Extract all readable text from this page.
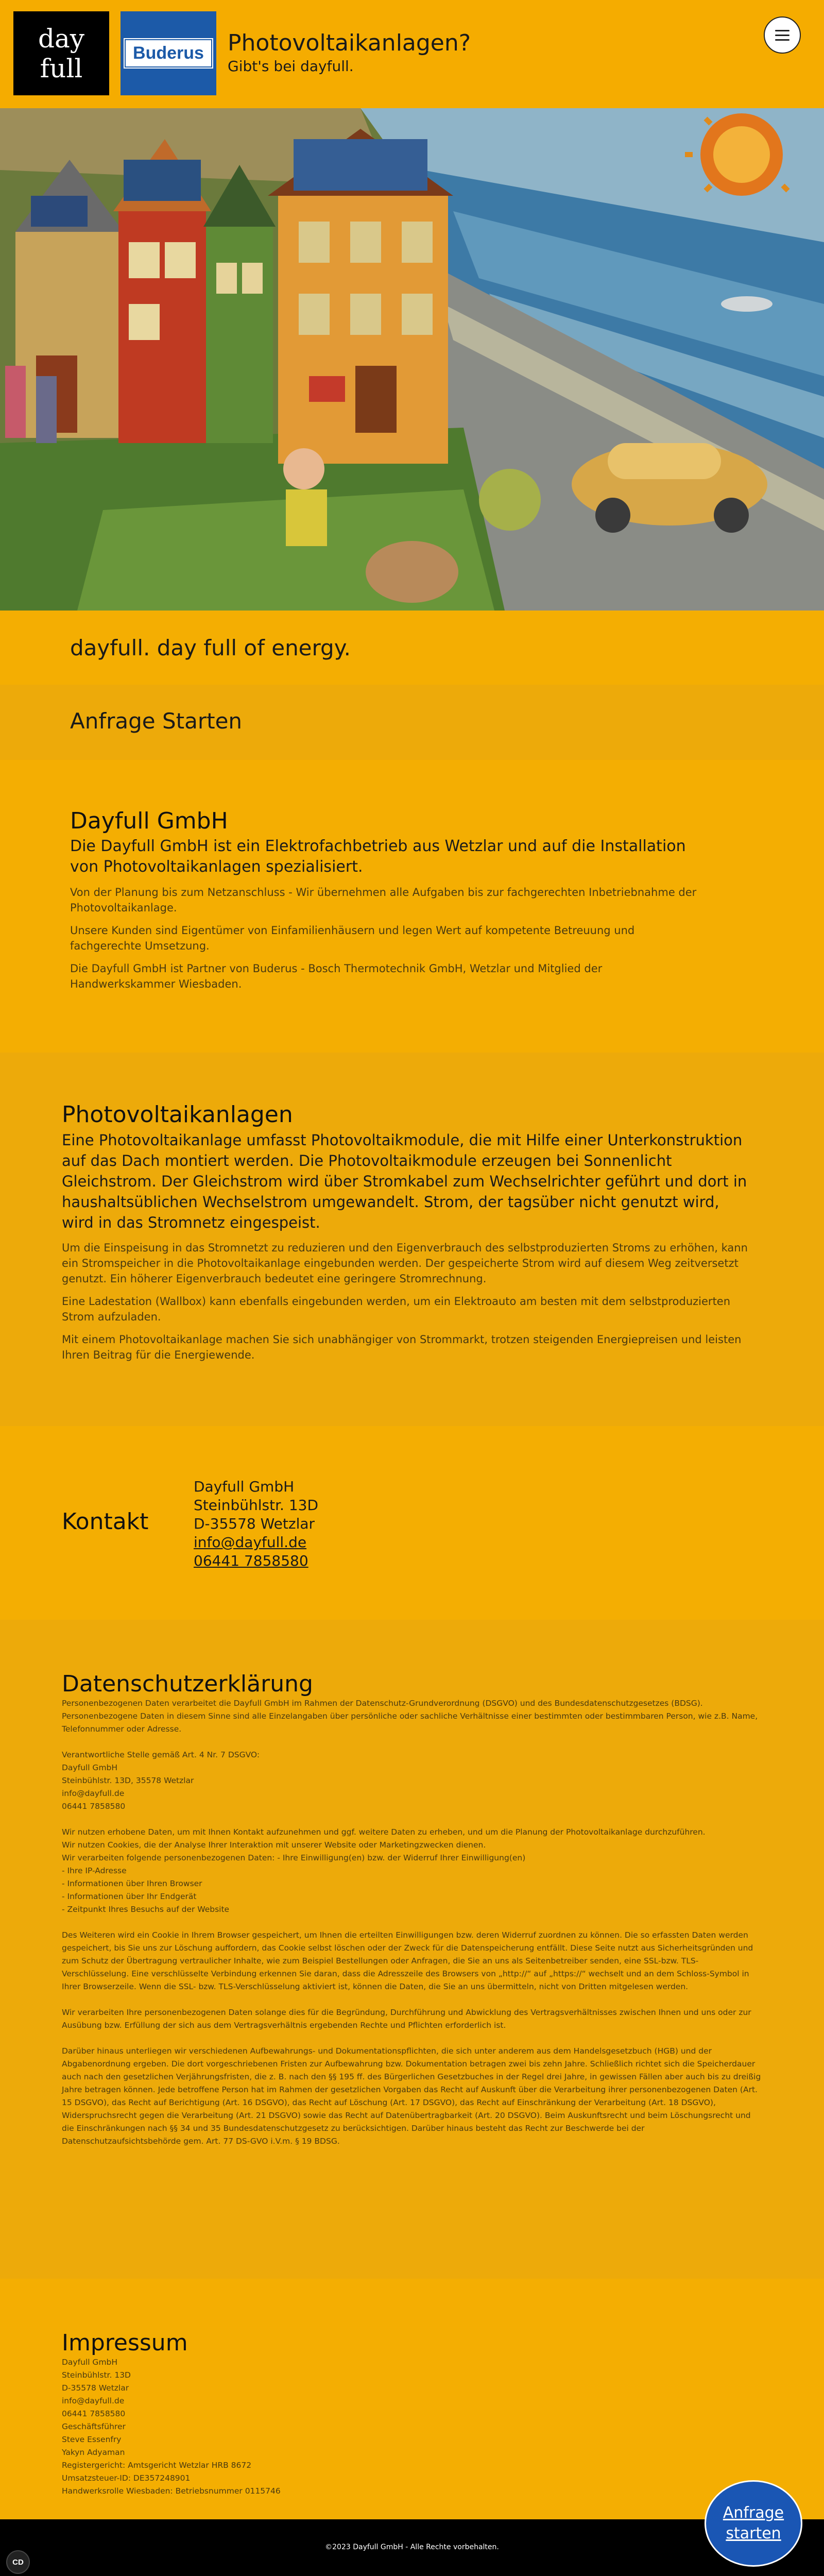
day
full
Buderus	Photovoltaikanlagen?
Gibt's bei dayfull.
dayfull. day full of energy.
Anfrage Starten
Dayfull GmbH
Die Dayfull GmbH ist ein Elektrofachbetrieb aus Wetzlar und auf die Installation von Photovoltaikanlagen spezialisiert.
Von der Planung bis zum Netzanschluss - Wir übernehmen alle Aufgaben bis zur fachgerechten Inbetriebnahme der Photovoltaikanlage.
Unsere Kunden sind Eigentümer von Einfamilienhäusern und legen Wert auf kompetente Betreuung und fachgerechte Umsetzung.
Die Dayfull GmbH ist Partner von Buderus - Bosch Thermotechnik GmbH, Wetzlar und Mitglied der Handwerkskammer Wiesbaden.
Photovoltaikanlagen
Eine Photovoltaikanlage umfasst Photovoltaikmodule, die mit Hilfe einer Unterkonstruktion auf das Dach montiert werden. Die Photovoltaikmodule erzeugen bei Sonnenlicht Gleichstrom. Der Gleichstrom wird über Stromkabel zum Wechselrichter geführt und dort in haushaltsüblichen Wechselstrom umgewandelt. Strom, der tagsüber nicht genutzt wird, wird in das Stromnetz eingespeist.
Um die Einspeisung in das Stromnetzt zu reduzieren und den Eigenverbrauch des selbstproduzierten Stroms zu erhöhen, kann ein Stromspeicher in die Photovoltaikanlage eingebunden werden. Der gespeicherte Strom wird auf diesem Weg zeitversetzt genutzt. Ein höherer Eigenverbrauch bedeutet eine geringere Stromrechnung.
Eine Ladestation (Wallbox) kann ebenfalls eingebunden werden, um ein Elektroauto am besten mit dem selbstproduzierten Strom aufzuladen.
Mit einem Photovoltaikanlage machen Sie sich unabhängiger von Strommarkt, trotzen steigenden Energiepreisen und leisten Ihren Beitrag für die Energiewende.
Kontakt
Dayfull GmbH
Steinbühlstr. 13D
D-35578 Wetzlar
info@dayfull.de
06441 7858580
Datenschutzerklärung

Personenbezogenen Daten verarbeitet die Dayfull GmbH im Rahmen der Datenschutz-Grundverordnung (DSGVO) und des Bundesdatenschutzgesetzes (BDSG). Personenbezogene Daten in diesem Sinne sind alle Einzelangaben über persönliche oder sachliche Verhältnisse einer bestimmten oder bestimmbaren Person, wie z.B. Name, Telefonnummer oder Adresse.

Verantwortliche Stelle gemäß Art. 4 Nr. 7 DSGVO:
Dayfull GmbH
Steinbühlstr. 13D, 35578 Wetzlar
info@dayfull.de
06441 7858580

Wir nutzen erhobene Daten, um mit Ihnen Kontakt aufzunehmen und ggf. weitere Daten zu erheben, und um die Planung der Photovoltaikanlage durchzuführen.
Wir nutzen Cookies, die der Analyse Ihrer Interaktion mit unserer Website oder Marketingzwecken dienen.
Wir verarbeiten folgende personenbezogenen Daten: - Ihre Einwilligung(en) bzw. der Widerruf Ihrer Einwilligung(en)
- Ihre IP-Adresse
- Informationen über Ihren Browser
- Informationen über Ihr Endgerät
- Zeitpunkt Ihres Besuchs auf der Website

Des Weiteren wird ein Cookie in Ihrem Browser gespeichert, um Ihnen die erteilten Einwilligungen bzw. deren Widerruf zuordnen zu können. Die so erfassten Daten werden gespeichert, bis Sie uns zur Löschung auffordern, das Cookie selbst löschen oder der Zweck für die Datenspeicherung entfällt. Diese Seite nutzt aus Sicherheitsgründen und zum Schutz der Übertragung vertraulicher Inhalte, wie zum Beispiel Bestellungen oder Anfragen, die Sie an uns als Seitenbetreiber senden, eine SSL-bzw. TLS-Verschlüsselung. Eine verschlüsselte Verbindung erkennen Sie daran, dass die Adresszeile des Browsers von „http://“ auf „https://“ wechselt und an dem Schloss-Symbol in Ihrer Browserzeile. Wenn die SSL- bzw. TLS-Verschlüsselung aktiviert ist, können die Daten, die Sie an uns übermitteln, nicht von Dritten mitgelesen werden.

Wir verarbeiten Ihre personenbezogenen Daten solange dies für die Begründung, Durchführung und Abwicklung des Vertragsverhältnisses zwischen Ihnen und uns oder zur Ausübung bzw. Erfüllung der sich aus dem Vertragsverhältnis ergebenden Rechte und Pflichten erforderlich ist.

Darüber hinaus unterliegen wir verschiedenen Aufbewahrungs- und Dokumentationspflichten, die sich unter anderem aus dem Handelsgesetzbuch (HGB) und der Abgabenordnung ergeben. Die dort vorgeschriebenen Fristen zur Aufbewahrung bzw. Dokumentation betragen zwei bis zehn Jahre. Schließlich richtet sich die Speicherdauer auch nach den gesetzlichen Verjährungsfristen, die z. B. nach den §§ 195 ff. des Bürgerlichen Gesetzbuches in der Regel drei Jahre, in gewissen Fällen aber auch bis zu dreißig Jahre betragen können. Jede betroffene Person hat im Rahmen der gesetzlichen Vorgaben das Recht auf Auskunft über die Verarbeitung ihrer personenbezogenen Daten (Art. 15 DSGVO), das Recht auf Berichtigung (Art. 16 DSGVO), das Recht auf Löschung (Art. 17 DSGVO), das Recht auf Einschränkung der Verarbeitung (Art. 18 DSGVO), Widerspruchsrecht gegen die Verarbeitung (Art. 21 DSGVO) sowie das Recht auf Datenübertragbarkeit (Art. 20 DSGVO). Beim Auskunftsrecht und beim Löschungsrecht und die Einschränkungen nach §§ 34 und 35 Bundesdatenschutzgesetz zu berücksichtigen. Darüber hinaus besteht das Recht zur Beschwerde bei der Datenschutzaufsichtsbehörde gem. Art. 77 DS-GVO i.V.m. § 19 BDSG.

Impressum
Dayfull GmbH
Steinbühlstr. 13D
D-35578 Wetzlar
info@dayfull.de
06441 7858580
Geschäftsführer
Steve Essenfry
Yakyn Adyaman
Registergericht: Amtsgericht Wetzlar HRB 8672
Umsatzsteuer-ID: DE357248901
Handwerksrolle Wiesbaden: Betriebsnummer 0115746
©2023 Dayfull GmbH - Alle Rechte vorbehalten.
CD
Anfrage
starten
